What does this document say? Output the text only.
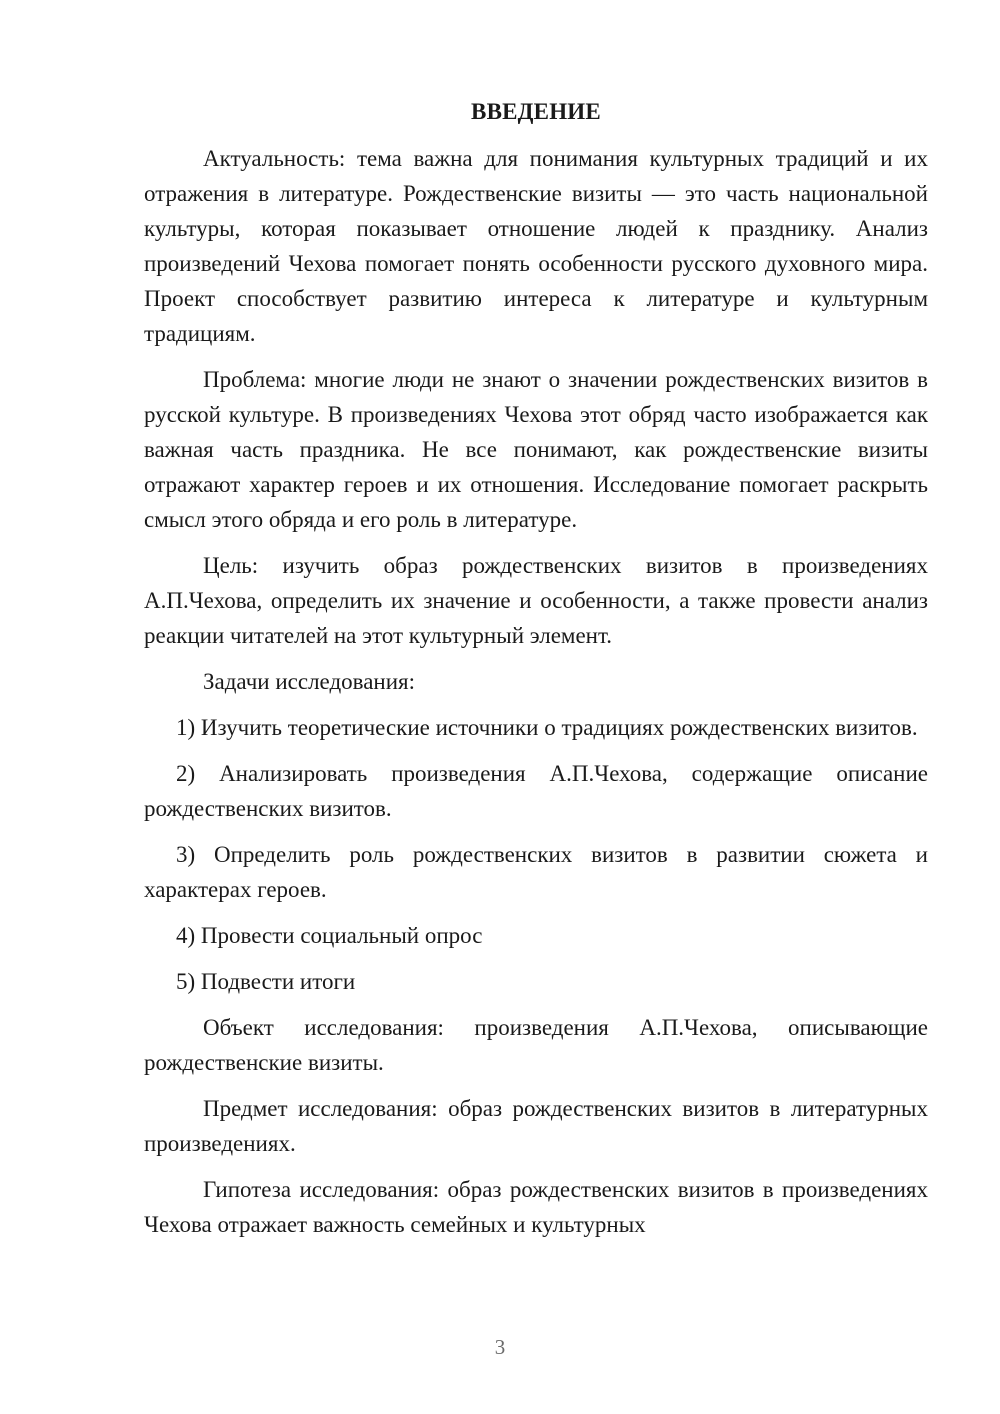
ВВЕДЕНИЕ

Актуальность: тема важна для понимания культурных традиций и их отражения в литературе. Рождественские визиты — это часть национальной культуры, которая показывает отношение людей к празднику. Анализ произведений Чехова помогает понять особенности русского духовного мира. Проект способствует развитию интереса к литературе и культурным традициям.

Проблема: многие люди не знают о значении рождественских визитов в русской культуре. В произведениях Чехова этот обряд часто изображается как важная часть праздника. Не все понимают, как рождественские визиты отражают характер героев и их отношения. Исследование помогает раскрыть смысл этого обряда и его роль в литературе.

Цель: изучить образ рождественских визитов в произведениях А.П.Чехова, определить их значение и особенности, а также провести анализ реакции читателей на этот культурный элемент.

Задачи исследования:

1) Изучить теоретические источники о традициях рождественских визитов.

2) Анализировать произведения А.П.Чехова, содержащие описание рождественских визитов.

3) Определить роль рождественских визитов в развитии сюжета и характерах героев.

4) Провести социальный опрос

5) Подвести итоги

Объект исследования: произведения А.П.Чехова, описывающие рождественские визиты.

Предмет исследования: образ рождественских визитов в литературных произведениях.

Гипотеза исследования: образ рождественских визитов в произведениях Чехова отражает важность семейных и культурных

3
